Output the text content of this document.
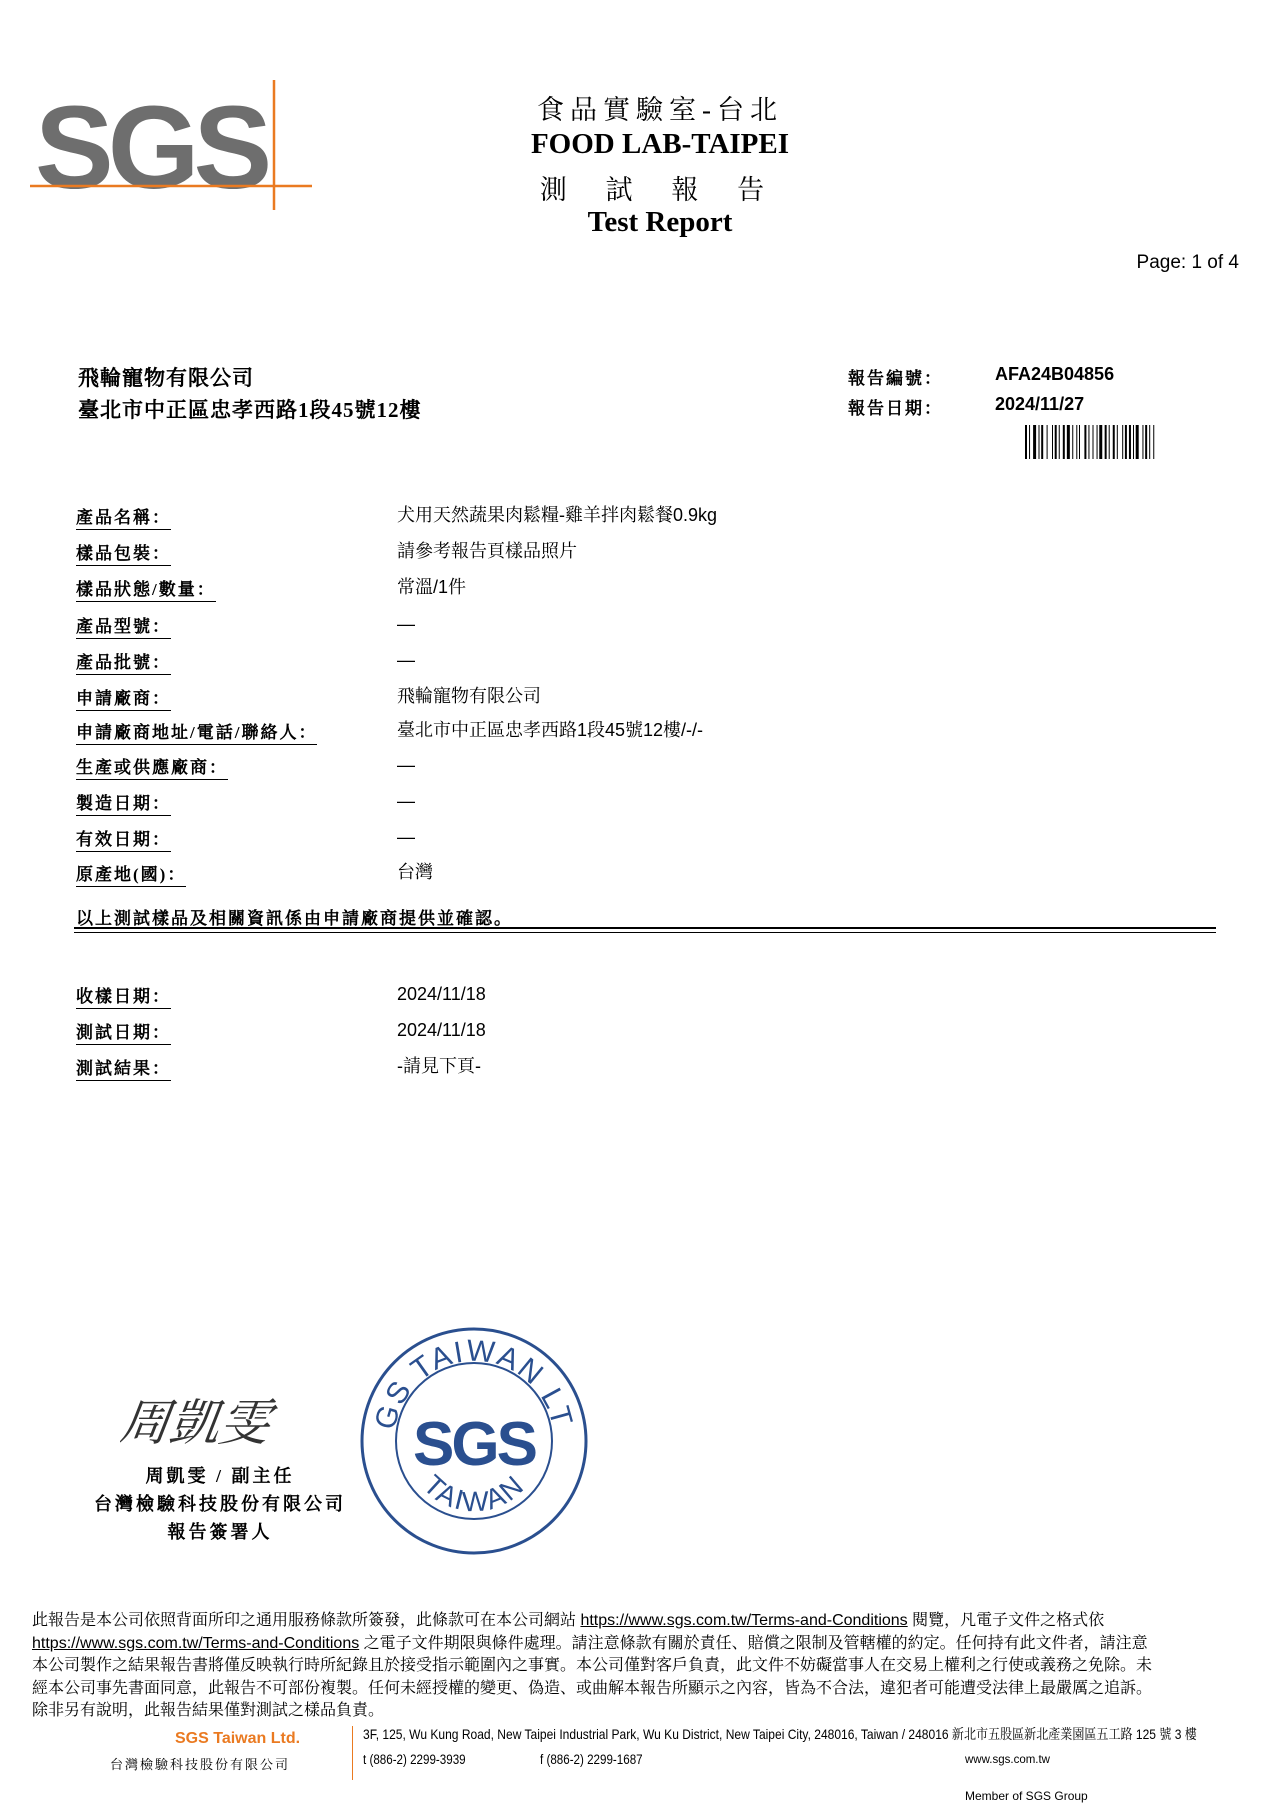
SGS	食品實驗室-台北
FOOD LAB-TAIPEI
測 試 報 告
Test Report
Page: 1 of 4
飛輪寵物有限公司
臺北市中正區忠孝西路1段45號12樓
報告編號：	AFA24B04856
報告日期：	2024/11/27
產品名稱：	犬用天然蔬果肉鬆糧-雞羊拌肉鬆餐0.9kg
樣品包裝：	請參考報告頁樣品照片
樣品狀態/數量：	常溫/1件
產品型號：	—
產品批號：	—
申請廠商：	飛輪寵物有限公司
申請廠商地址/電話/聯絡人：	臺北市中正區忠孝西路1段45號12樓/-/-
生產或供應廠商：	—
製造日期：	—
有效日期：	—
原產地(國)：	台灣
以上測試樣品及相關資訊係由申請廠商提供並確認。
收樣日期：	2024/11/18
測試日期：	2024/11/18
測試結果：	-請見下頁-
周凱雯
周凱雯 / 副主任
台灣檢驗科技股份有限公司
報告簽署人
GS TAIWAN LT
TAIWAN
SGS
此報告是本公司依照背面所印之通用服務條款所簽發，此條款可在本公司網站 https://www.sgs.com.tw/Terms-and-Conditions 閱覽，凡電子文件之格式依
https://www.sgs.com.tw/Terms-and-Conditions 之電子文件期限與條件處理。請注意條款有關於責任、賠償之限制及管轄權的約定。任何持有此文件者，請注意
本公司製作之結果報告書將僅反映執行時所紀錄且於接受指示範圍內之事實。本公司僅對客戶負責，此文件不妨礙當事人在交易上權利之行使或義務之免除。未
經本公司事先書面同意，此報告不可部份複製。任何未經授權的變更、偽造、或曲解本報告所顯示之內容，皆為不合法，違犯者可能遭受法律上最嚴厲之追訴。
除非另有說明，此報告結果僅對測試之樣品負責。
SGS Taiwan Ltd.
台灣檢驗科技股份有限公司
3F, 125, Wu Kung Road, New Taipei Industrial Park, Wu Ku District, New Taipei City, 248016, Taiwan / 248016 新北市五股區新北產業園區五工路 125 號 3 樓
t (886-2) 2299-3939	f (886-2) 2299-1687	www.sgs.com.tw
Member of SGS Group
